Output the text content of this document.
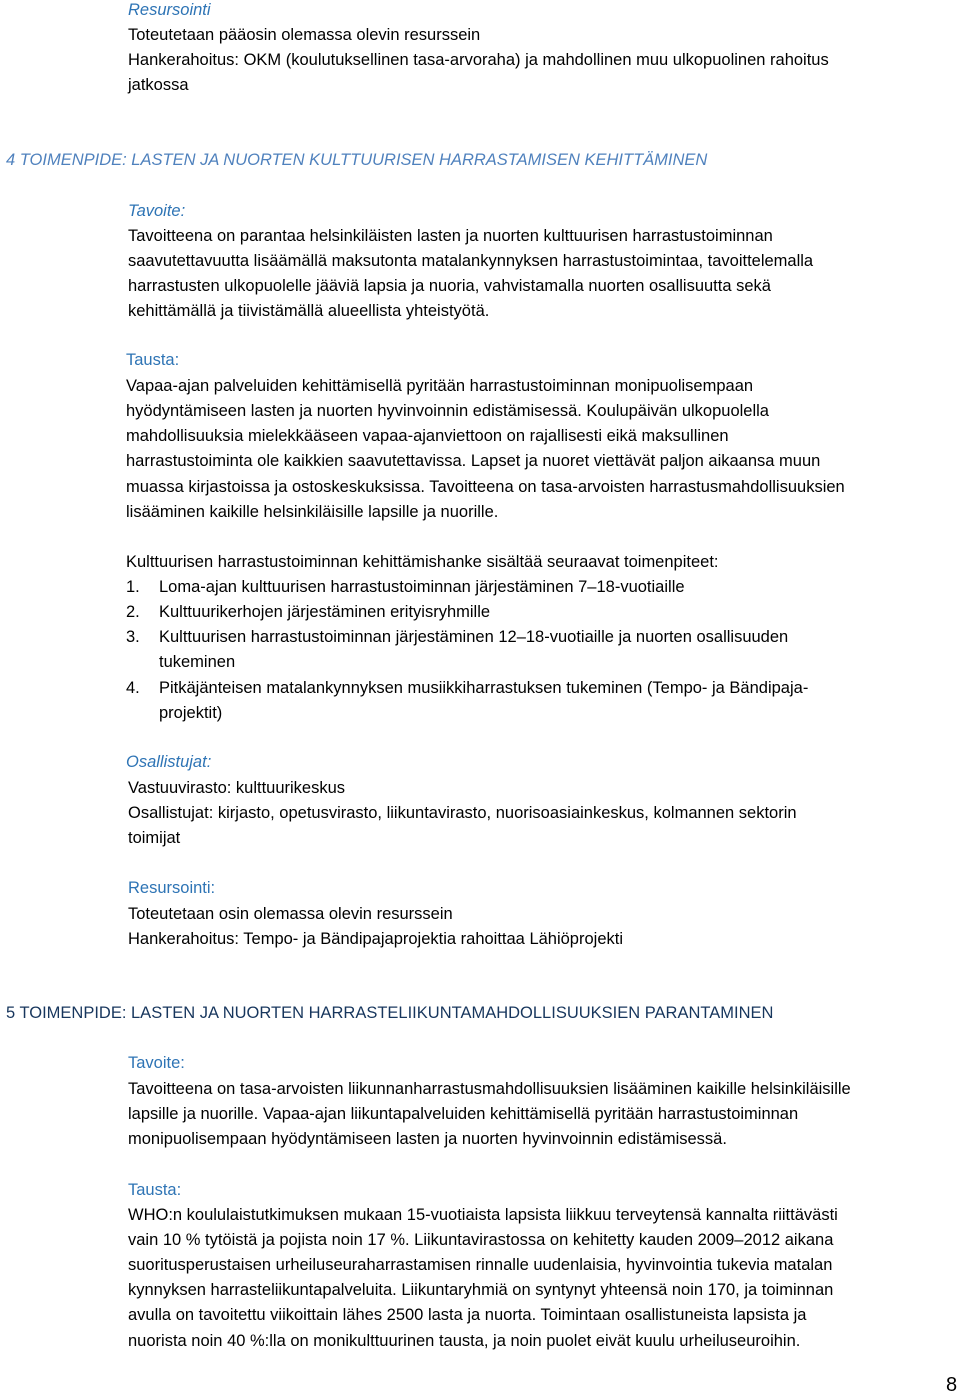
Resursointi
Toteutetaan pääosin olemassa olevin resurssein
Hankerahoitus: OKM (koulutuksellinen tasa-arvoraha) ja mahdollinen muu ulkopuolinen rahoitus
jatkossa
4 TOIMENPIDE: LASTEN JA NUORTEN KULTTUURISEN HARRASTAMISEN KEHITTÄMINEN
Tavoite:
Tavoitteena on parantaa helsinkiläisten lasten ja nuorten kulttuurisen harrastustoiminnan
saavutettavuutta lisäämällä maksutonta matalankynnyksen harrastustoimintaa, tavoittelemalla
harrastusten ulkopuolelle jääviä lapsia ja nuoria, vahvistamalla nuorten osallisuutta sekä
kehittämällä ja tiivistämällä alueellista yhteistyötä.
Tausta:
Vapaa-ajan palveluiden kehittämisellä pyritään harrastustoiminnan monipuolisempaan
hyödyntämiseen lasten ja nuorten hyvinvoinnin edistämisessä. Koulupäivän ulkopuolella
mahdollisuuksia mielekkääseen vapaa-ajanviettoon on rajallisesti eikä maksullinen
harrastustoiminta ole kaikkien saavutettavissa. Lapset ja nuoret viettävät paljon aikaansa muun
muassa kirjastoissa ja ostoskeskuksissa. Tavoitteena on tasa-arvoisten harrastusmahdollisuuksien
lisääminen kaikille helsinkiläisille lapsille ja nuorille.
Kulttuurisen harrastustoiminnan kehittämishanke sisältää seuraavat toimenpiteet:
1. Loma-ajan kulttuurisen harrastustoiminnan järjestäminen 7–18-vuotiaille
2. Kulttuurikerhojen järjestäminen erityisryhmille
3. Kulttuurisen harrastustoiminnan järjestäminen 12–18-vuotiaille ja nuorten osallisuuden
tukeminen
4. Pitkäjänteisen matalankynnyksen musiikkiharrastuksen tukeminen (Tempo- ja Bändipaja-
projektit)
Osallistujat:
Vastuuvirasto: kulttuurikeskus
Osallistujat: kirjasto, opetusvirasto, liikuntavirasto, nuorisoasiainkeskus, kolmannen sektorin
toimijat
Resursointi:
Toteutetaan osin olemassa olevin resurssein
Hankerahoitus: Tempo- ja Bändipajaprojektia rahoittaa Lähiöprojekti
5 TOIMENPIDE: LASTEN JA NUORTEN HARRASTELIIKUNTAMAHDOLLISUUKSIEN PARANTAMINEN
Tavoite:
Tavoitteena on tasa-arvoisten liikunnanharrastusmahdollisuuksien lisääminen kaikille helsinkiläisille
lapsille ja nuorille. Vapaa-ajan liikuntapalveluiden kehittämisellä pyritään harrastustoiminnan
monipuolisempaan hyödyntämiseen lasten ja nuorten hyvinvoinnin edistämisessä.
Tausta:
WHO:n koululaistutkimuksen mukaan 15-vuotiaista lapsista liikkuu terveytensä kannalta riittävästi
vain 10 % tytöistä ja pojista noin 17 %. Liikuntavirastossa on kehitetty kauden 2009–2012 aikana
suoritusperustaisen urheiluseuraharrastamisen rinnalle uudenlaisia, hyvinvointia tukevia matalan
kynnyksen harrasteliikuntapalveluita. Liikuntaryhmiä on syntynyt yhteensä noin 170, ja toiminnan
avulla on tavoitettu viikoittain lähes 2500 lasta ja nuorta. Toimintaan osallistuneista lapsista ja
nuorista noin 40 %:lla on monikulttuurinen tausta, ja noin puolet eivät kuulu urheiluseuroihin.
8
